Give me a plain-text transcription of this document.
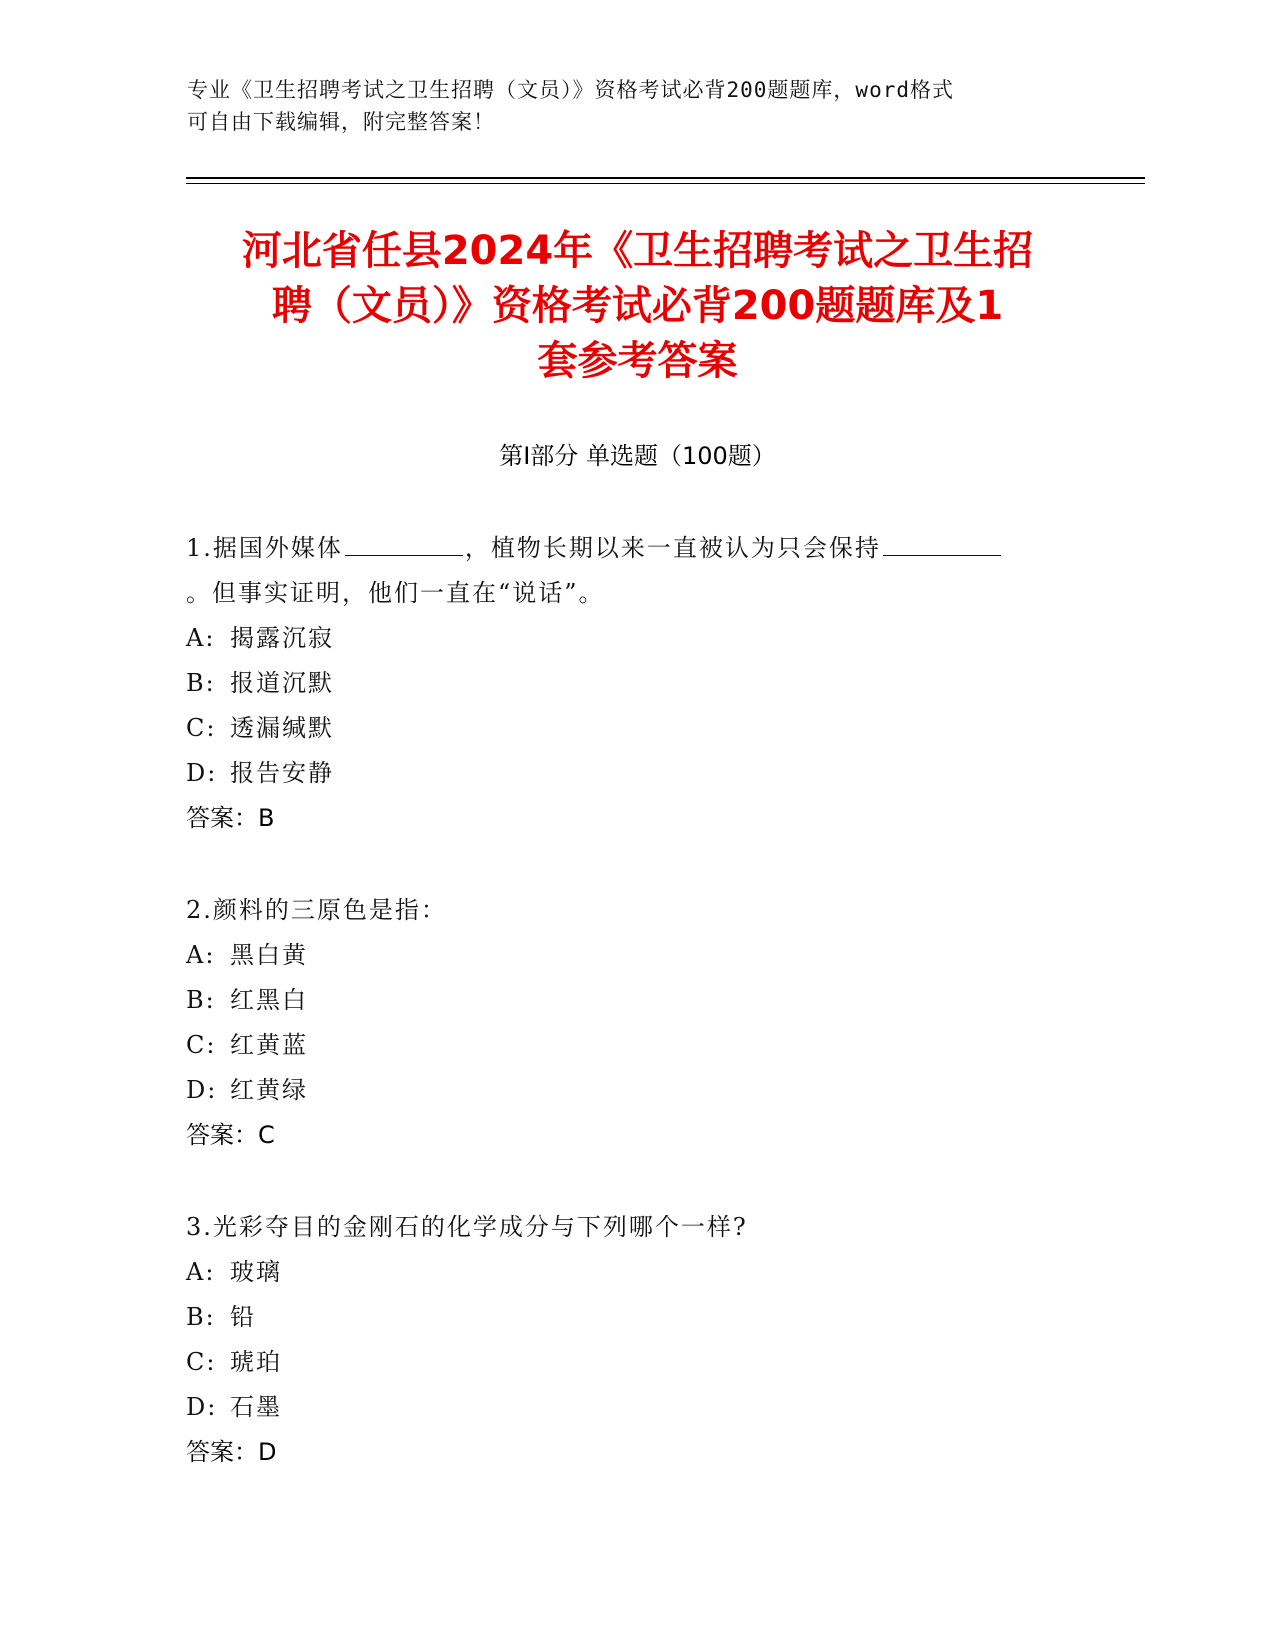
专业《卫生招聘考试之卫生招聘（文员）》资格考试必背200题题库，word格式
可自由下载编辑，附完整答案！
河北省任县2024年《卫生招聘考试之卫生招
聘（文员）》资格考试必背200题题库及1
套参考答案
第Ⅰ部分 单选题（100题）
1.据国外媒体	，植物长期以来一直被认为只会保持
。但事实证明，他们一直在“说话”。
A: 揭露沉寂
B: 报道沉默
C: 透漏缄默
D: 报告安静
答案：B
2.颜料的三原色是指：
A: 黑白黄
B: 红黑白
C: 红黄蓝
D: 红黄绿
答案：C
3.光彩夺目的金刚石的化学成分与下列哪个一样?
A: 玻璃
B: 铅
C: 琥珀
D: 石墨
答案：D
